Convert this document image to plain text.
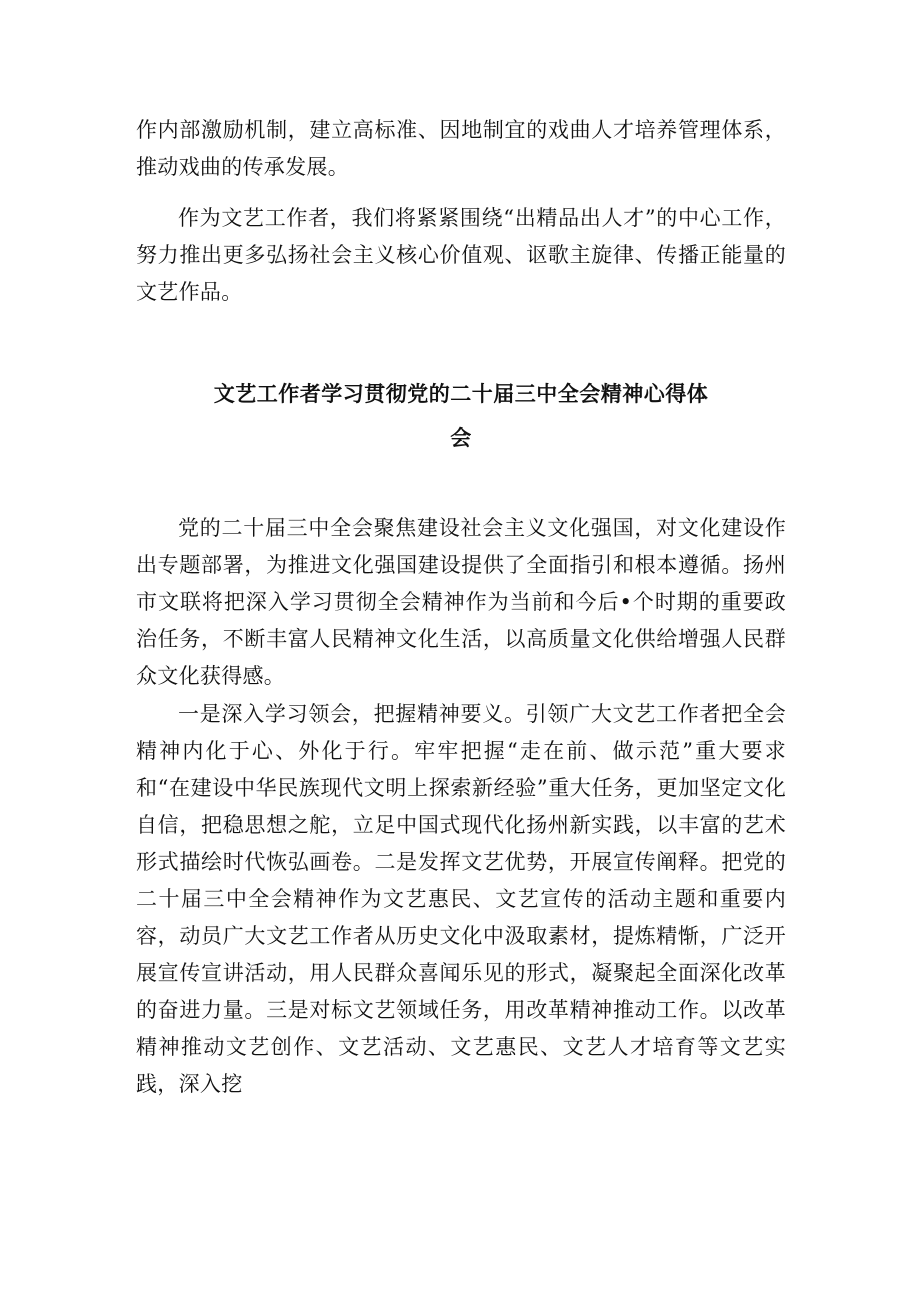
作内部激励机制，建立高标准、因地制宜的戏曲人才培养管理体系，推动戏曲的传承发展。

作为文艺工作者，我们将紧紧围绕“出精品出人才”的中心工作，努力推出更多弘扬社会主义核心价值观、讴歌主旋律、传播正能量的文艺作品。

文艺工作者学习贯彻党的二十届三中全会精神心得体
会

党的二十届三中全会聚焦建设社会主义文化强国，对文化建设作出专题部署，为推进文化强国建设提供了全面指引和根本遵循。扬州市文联将把深入学习贯彻全会精神作为当前和今后•个时期的重要政治任务，不断丰富人民精神文化生活，以高质量文化供给增强人民群众文化获得感。

一是深入学习领会，把握精神要义。引领广大文艺工作者把全会精神内化于心、外化于行。牢牢把握“走在前、做示范”重大要求和“在建设中华民族现代文明上探索新经验”重大任务，更加坚定文化自信，把稳思想之舵，立足中国式现代化扬州新实践，以丰富的艺术形式描绘时代恢弘画卷。二是发挥文艺优势，开展宣传阐释。把党的二十届三中全会精神作为文艺惠民、文艺宣传的活动主题和重要内容，动员广大文艺工作者从历史文化中汲取素材，提炼精惭，广泛开展宣传宣讲活动，用人民群众喜闻乐见的形式，凝聚起全面深化改革的奋进力量。三是对标文艺领域任务，用改革精神推动工作。以改革精神推动文艺创作、文艺活动、文艺惠民、文艺人才培育等文艺实践，深入挖
